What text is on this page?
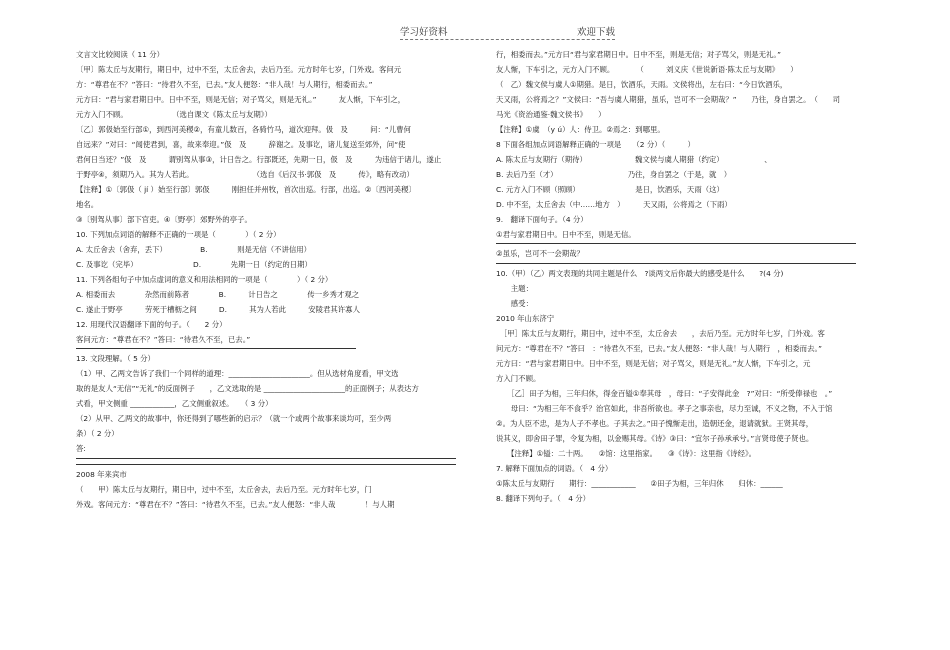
学习好资料	欢迎下载
文言文比较阅读（ 11 分）
〔甲〕陈太丘与友期行，期日中，过中不至，太丘舍去，去后乃至。元方时年七岁，门外戏。客问元
方：“尊君在不？”答曰：“待君久不至，已去。”友人便怒：“非人哉！与人期行，相委而去。”
元方曰：“君与家君期日中。日中不至，则是无信；对子骂父，则是无礼。”　　　友人惭，下车引之，
元方入门不顾。　　　　　　　（选自课文《陈太丘与友期》）
〔乙〕郭伋始至行部①，到西河美稷②，有童儿数百，各骑竹马，道次迎拜。伋　及　　　问：“儿曹何
自远来？”对曰：“闻使君到，喜，故来奉迎。”伋　及　　　辞谢之。及事讫，诸儿复送至郊外，问“使
君何日当还？”伋　及　　　谓别驾从事③，计日告之。行部既还，先期一日，伋　及　　　为违信于诸儿，遂止
于野亭④，须期乃入。其为人若此。　　　　　　　　　（选自《后汉书·郭伋　及　　　传》，略有改动）
【注释】①〔郭伋（ jí ）始至行部〕郭伋　　　刚担任并州牧，首次出巡。行部，出巡。②〔西河美稷〕
地名。
③〔别驾从事〕部下官吏。④〔野亭〕郊野外的亭子。
10. 下列加点词语的解释不正确的一项是（　　　　）（ 2 分）
A. 太丘舍去（舍弃，丢下）　　　　　B.　　　　则是无信（不讲信用）
C. 及事讫（完毕）　　　　　　　　D.　　　　先期一日（约定的日期）
11. 下列各组句子中加点虚词的意义和用法相同的一项是（　　　　）（ 2 分）
A. 相委而去　　　　杂然而前陈者　　　　B.　　　计日告之　　　　传一乡秀才观之
C. 遂止于野亭　　　劳死于槽枥之间　　　D.　　　其为人若此　　　安陵君其许寡人
12. 用现代汉语翻译下面的句子。（　　2 分）
客问元方：“尊君在不？”答曰：“待君久不至，已去。”
13. 文段理解。（ 5 分）
（1）甲、乙两文告诉了我们一个同样的道理：______________________。但从选材角度看，甲文选
取的是友人“无信”“无礼”的反面例子　　，乙文选取的是 ______________________的正面例子；从表达方
式看，甲文侧重 ____________，乙文侧重叙述。　　（ 3 分）
（2）从甲、乙两文的故事中，你还得到了哪些新的启示？（就一个或两个故事来谈均可，至少两
条）（ 2 分）
答:
2008 年来宾市
（　　甲）陈太丘与友期行，期日中，过中不至，太丘舍去，去后乃至。元方时年七岁，门
外戏。客问元方：“尊君在不？”答曰：“待君久不至，已去。”友人便怒：“非人哉　　　　！与人期
行，相委而去。”元方曰“君与家君期日中。日中不至，则是无信；对子骂父，则是无礼。”
友人惭，下车引之，元方入门不顾。　　　　（　　　刘义庆《世说新语·陈太丘与友期》　　）
（　乙）魏文侯与虞人①期猎。是日，饮酒乐，天雨。文侯将出，左右曰：“今日饮酒乐，
天又雨，公将焉之？”文侯曰：“吾与虞人期猎，虽乐，岂可不一会期哉？”　　乃往，身自罢之。　（　　司
马光《资治通鉴·魏文侯书》　　）
【注释】①虞　（y ú）人：侍卫。②焉之：到哪里。
8 下面各组加点词语解释正确的一项是　　（2 分）（　　　）
A. 陈太丘与友期行（期待）　　　　　　　魏文侯与虞人期猎（约定）　　　　　　、
B. 去后乃至（才）　　　　　　　　　　乃往，身自罢之（于是，就　）
C. 元方入门不顾（照顾）　　　　　　　　是日，饮酒乐，天雨（这）
D. 中不至，太丘舍去（中……地方　）　　　天又雨，公将焉之（下雨）
9.　翻译下面句子。（4 分）
①君与家君期日中。日中不至，则是无信。
②虽乐，岂可不一会期哉？
10.（甲）（乙）两文表现的共同主题是什么　?谈两文后你最大的感受是什么　　?(4 分)
　　主题：
　　感受：
2010 年山东济宁
　［甲］陈太丘与友期行，期日中，过中不至，太丘舍去　　，去后乃至。元方时年七岁，门外戏。客
问元方：“尊君在不？”答曰　：“待君久不至，已去。”友人便怒：“非人哉！与人期行　，相委而去。”
元方曰：“君与家君期日中。日中不至，则是无信；对子骂父，则是无礼。”友人惭，下车引之，元
方入门不顾。
　　［乙］田子为相，三年归休，得金百镒①奉其母　，母曰：“子安得此金　?”对曰：“所受俸禄也　。”
　　母曰：“为相三年不食乎？治官如此，非吾所欲也。孝子之事亲也，尽力至诚，不义之物，不入于馆
②。为人臣不忠，是为人子不孝也。子其去之。”田子愧惭走出，造朝还金，退请就狱。王贤其母，
说其义，即舍田子罪，令复为相，以金赐其母。《诗》③曰：“宜尔子孙承承兮。”言贤母使子贤也。
　　【注释】①镒：二十两。　　②馆：这里指家。　　③《诗》：这里指《诗经》。
7. 解释下面加点的词语。（　4 分）
①陈太丘与友期行　　期行：____________　　②田子为相，三年归休　　归休：______
8. 翻译下列句子。（　4 分）
